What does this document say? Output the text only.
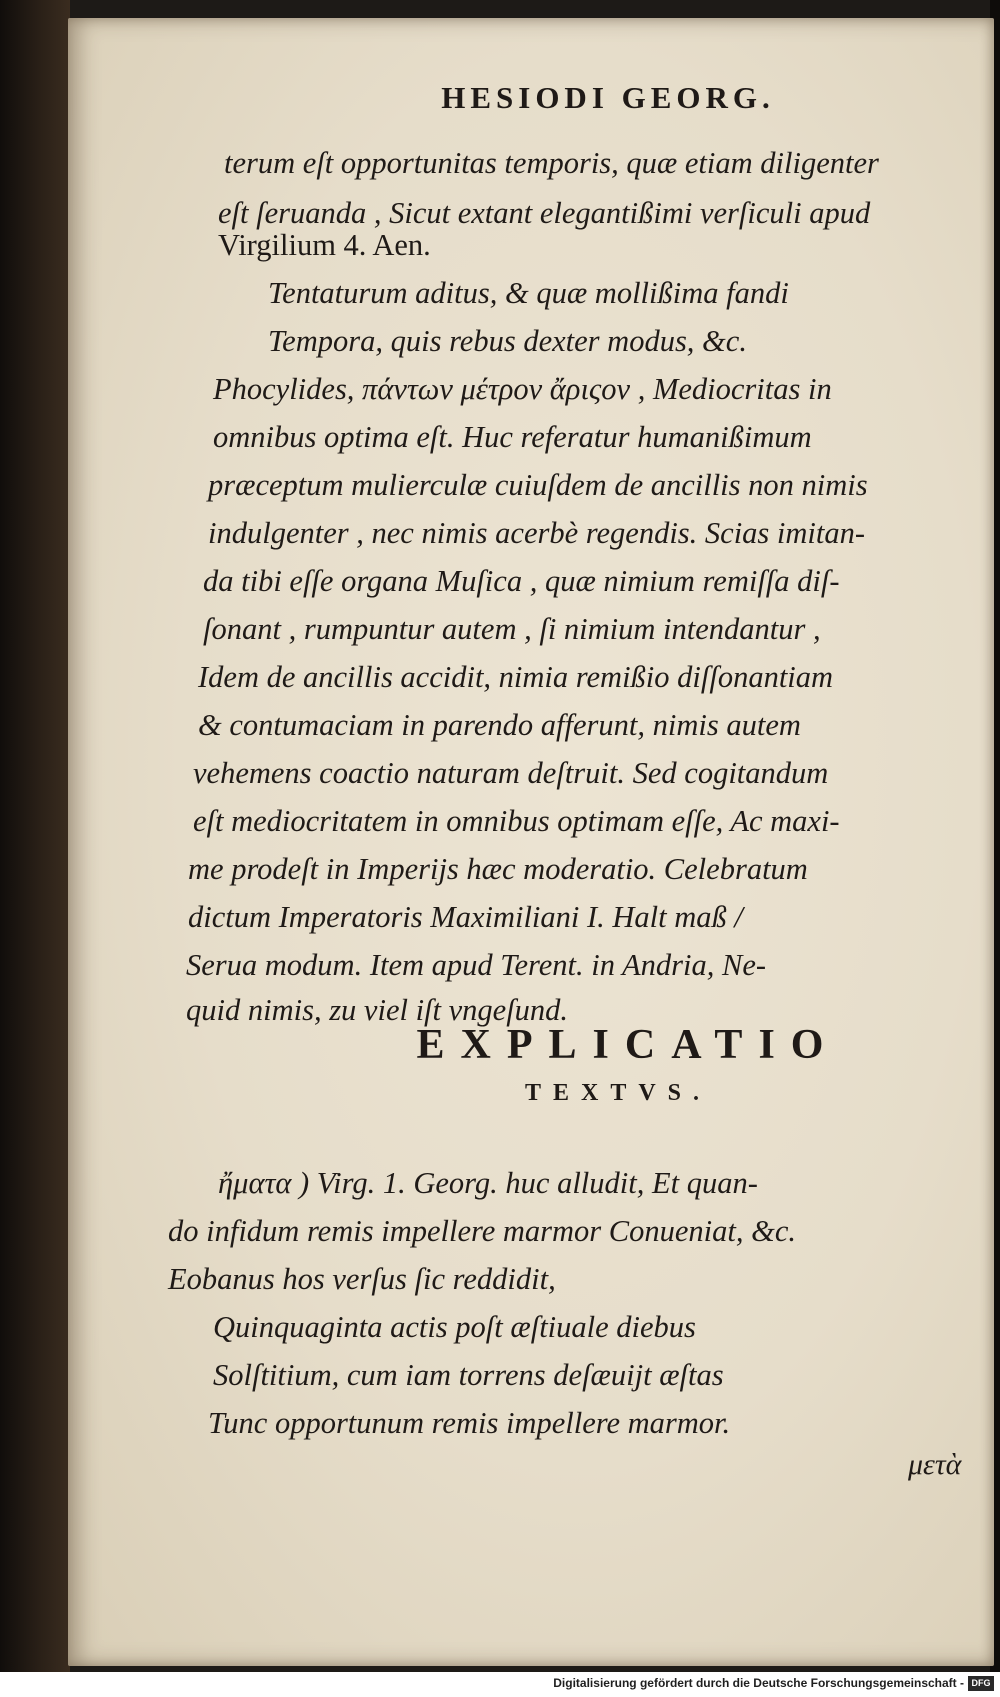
HESIODI GEORG.
terum eſt opportunitas temporis, quæ etiam diligenter
eſt ſeruanda , Sicut extant elegantißimi verſiculi apud
Virgilium 4. Aen.
Tentaturum aditus, & quæ mollißima fandi
Tempora, quis rebus dexter modus, &c.
Phocylides, πάντων μέτρον ἄριςον , Mediocritas in
omnibus optima eſt. Huc referatur humanißimum
præceptum mulierculæ cuiuſdem de ancillis non nimis
indulgenter , nec nimis acerbè regendis. Scias imitan-
da tibi eſſe organa Muſica , quæ nimium remiſſa diſ-
ſonant , rumpuntur autem , ſi nimium intendantur ,
Idem de ancillis accidit, nimia remißio diſſonantiam
& contumaciam in parendo afferunt, nimis autem
vehemens coactio naturam deſtruit. Sed cogitandum
eſt mediocritatem in omnibus optimam eſſe, Ac maxi-
me prodeſt in Imperijs hæc moderatio. Celebratum
dictum Imperatoris Maximiliani I. Halt maß /
Serua modum. Item apud Terent. in Andria, Ne-
quid nimis, zu viel iſt vngeſund.
EXPLICATIO
TEXTVS.
ἤματα ) Virg. 1. Georg. huc alludit, Et quan-
do infidum remis impellere marmor Conueniat, &c.
Eobanus hos verſus ſic reddidit,
Quinquaginta actis poſt æſtiuale diebus
Solſtitium, cum iam torrens deſæuijt æſtas
Tunc opportunum remis impellere marmor.
μετὰ
Digitalisierung gefördert durch die Deutsche Forschungsgemeinschaft - DFG
